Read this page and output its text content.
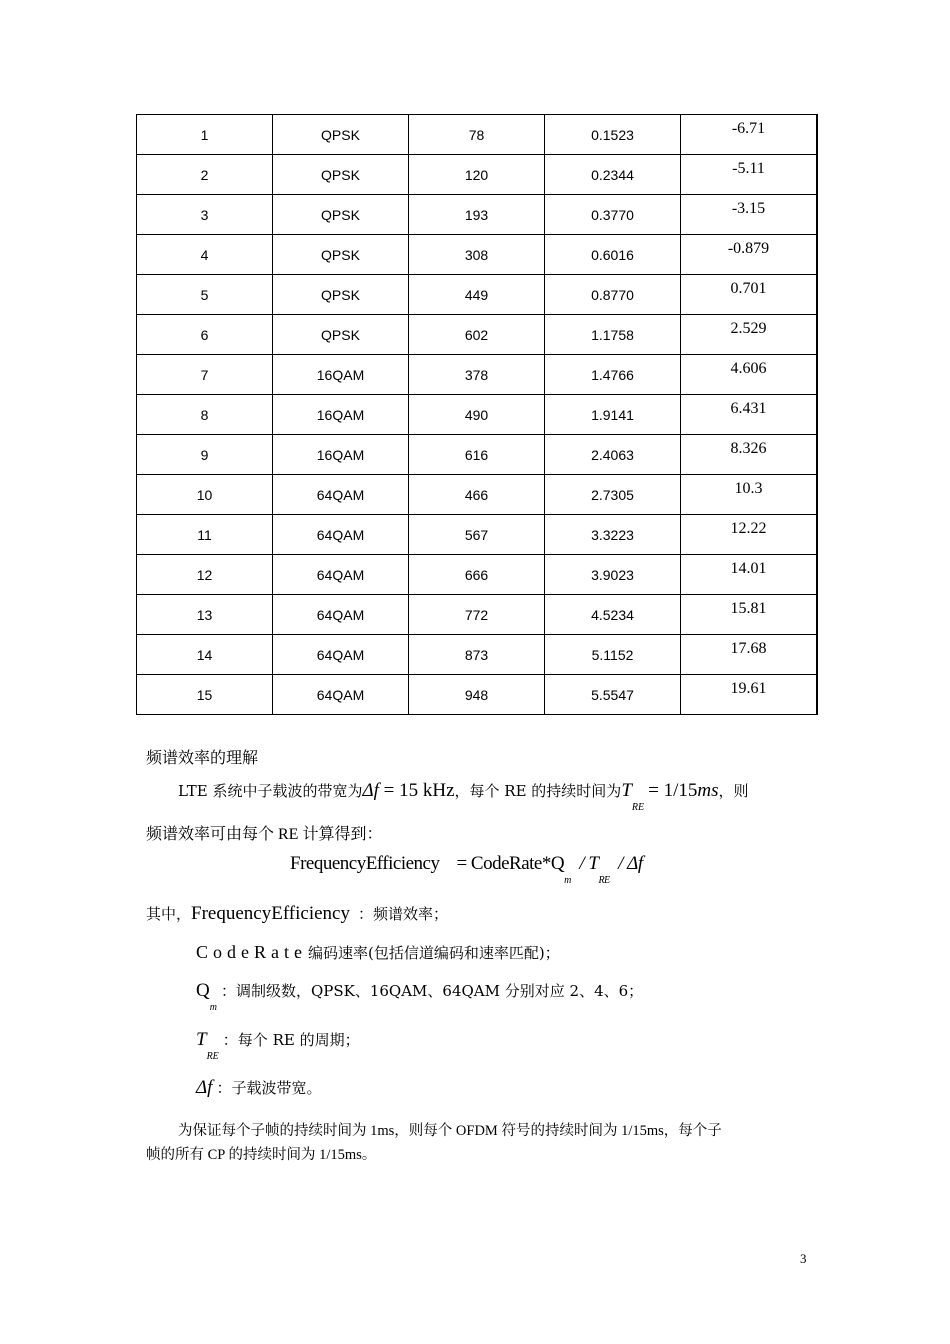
1	QPSK	78	0.1523	-6.71
2	QPSK	120	0.2344	-5.11
3	QPSK	193	0.3770	-3.15
4	QPSK	308	0.6016	-0.879
5	QPSK	449	0.8770	0.701
6	QPSK	602	1.1758	2.529
7	16QAM	378	1.4766	4.606
8	16QAM	490	1.9141	6.431
9	16QAM	616	2.4063	8.326
10	64QAM	466	2.7305	10.3
11	64QAM	567	3.3223	12.22
12	64QAM	666	3.9023	14.01
13	64QAM	772	4.5234	15.81
14	64QAM	873	5.1152	17.68
15	64QAM	948	5.5547	19.61
频谱效率的理解
LTE 系统中子载波的带宽为Δf = 15 kHz，每个 RE 的持续时间为$T_{RE} = 1/15ms$，则
频谱效率可由每个 RE 计算得到：
FrequencyEfficiency = $CodeRate*Q_m / T_{RE}$  / Δf
其中，FrequencyEfficiency ：频谱效率；
CodeRate：编码速率(包括信道编码和速率匹配)；
$Q_m$ ：调制级数，QPSK、16QAM、64QAM 分别对应 2、4、6；
$T_{RE}$ ：每个 RE 的周期；
Δf ：子载波带宽。
为保证每个子帧的持续时间为 1ms，则每个 OFDM 符号的持续时间为 1/15ms，每个子
帧的所有 CP 的持续时间为 1/15ms。
3
